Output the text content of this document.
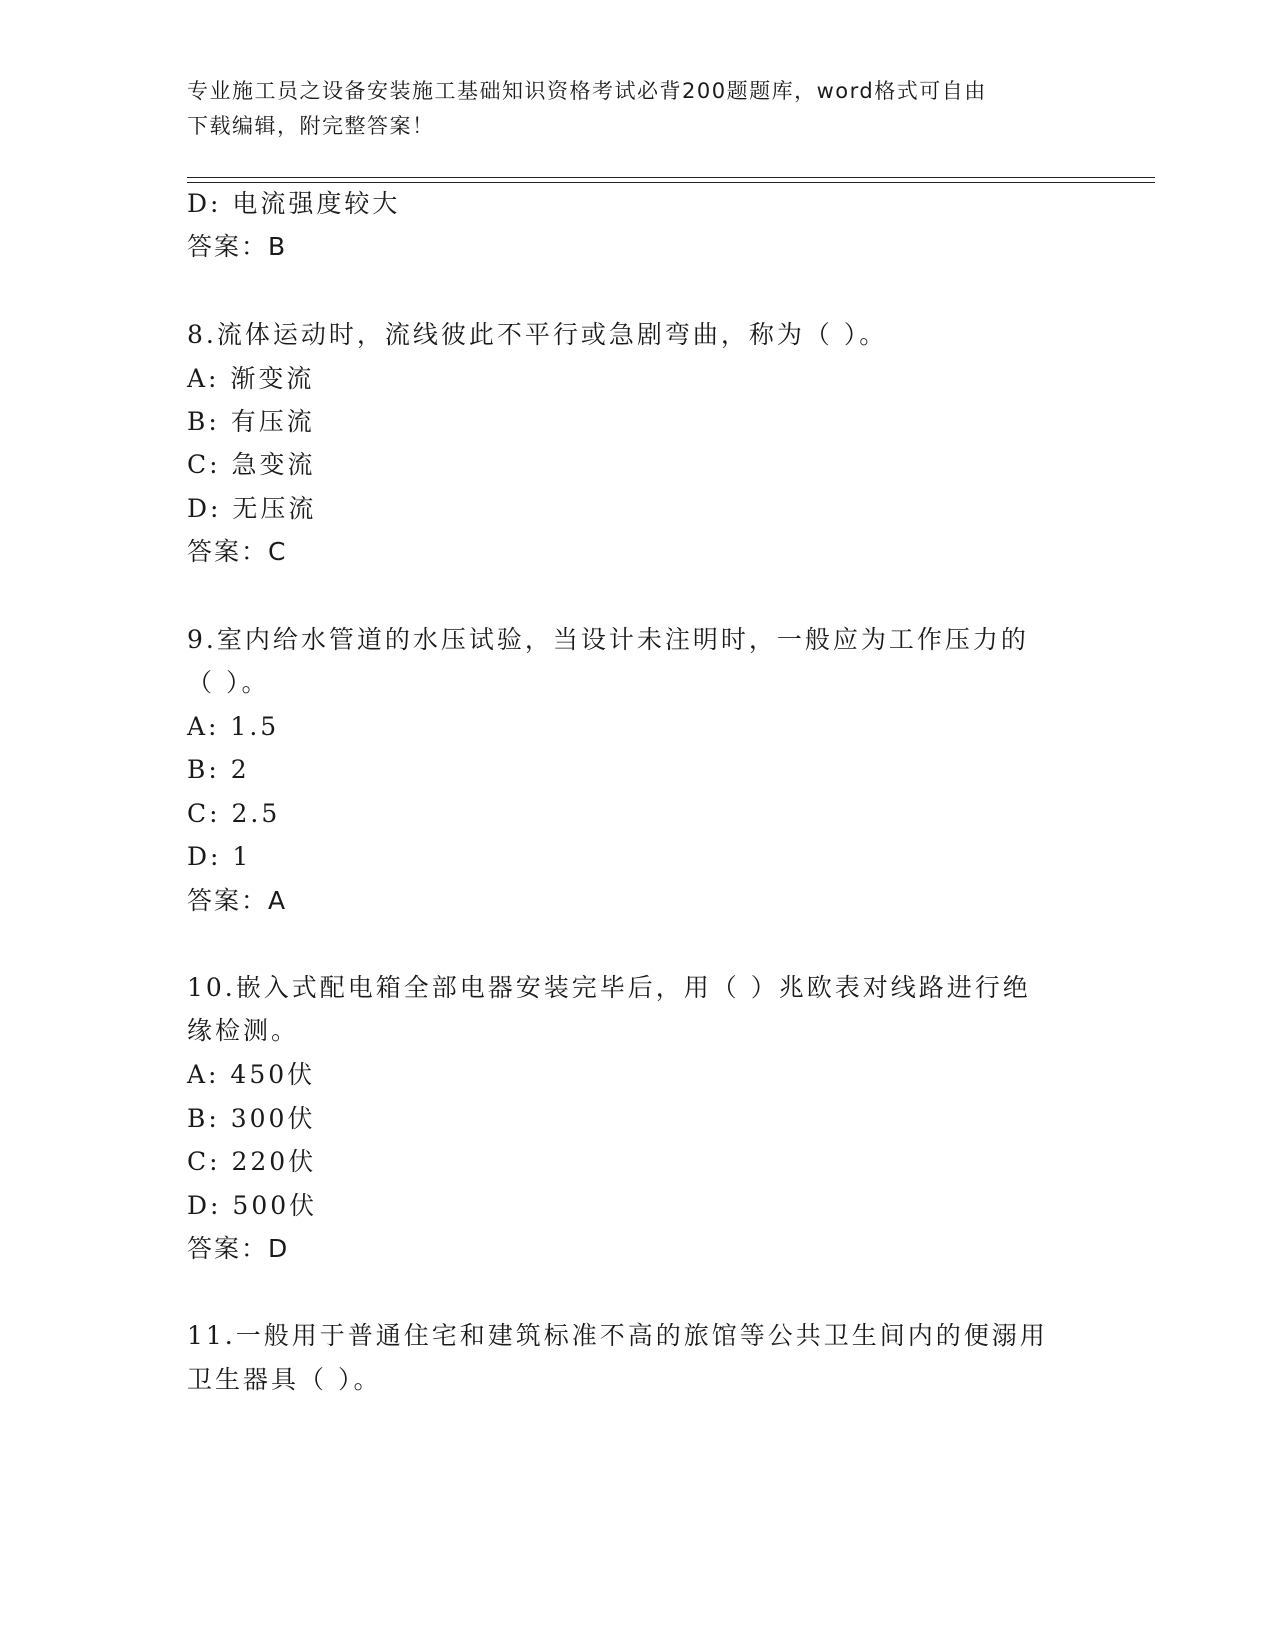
专业施工员之设备安装施工基础知识资格考试必背200题题库，word格式可自由
下载编辑，附完整答案！
D: 电流强度较大
答案：B
8.流体运动时，流线彼此不平行或急剧弯曲，称为（ ）。
A: 渐变流
B: 有压流
C: 急变流
D: 无压流
答案：C
9.室内给水管道的水压试验，当设计未注明时，一般应为工作压力的
（ ）。
A: 1.5
B: 2
C: 2.5
D: 1
答案：A
10.嵌入式配电箱全部电器安装完毕后，用（ ）兆欧表对线路进行绝
缘检测。
A: 450伏
B: 300伏
C: 220伏
D: 500伏
答案：D
11.一般用于普通住宅和建筑标准不高的旅馆等公共卫生间内的便溺用
卫生器具（ ）。
